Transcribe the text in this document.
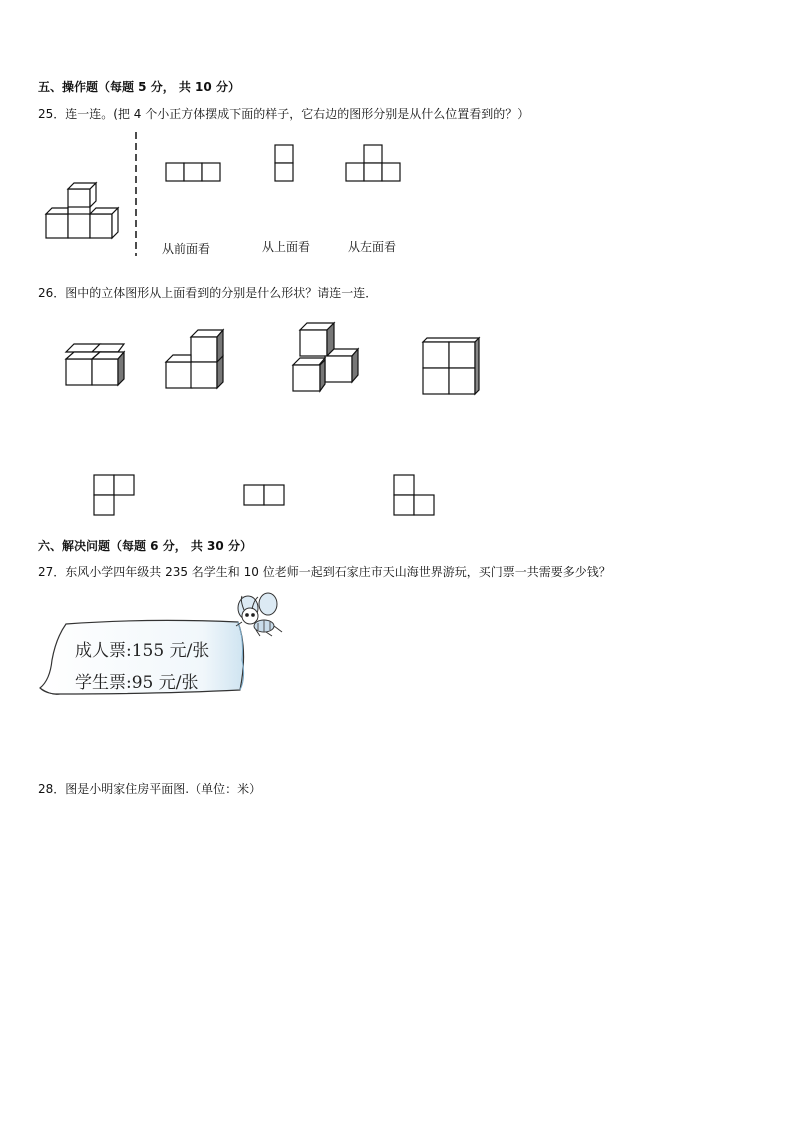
五、操作题（每题 5 分， 共 10 分）
25．连一连。(把 4 个小正方体摆成下面的样子，它右边的图形分别是从什么位置看到的？）
从前面看	从上面看	从左面看
26．图中的立体图形从上面看到的分别是什么形状？请连一连．
六、解决问题（每题 6 分， 共 30 分）
27．东风小学四年级共 235 名学生和 10 位老师一起到石家庄市天山海世界游玩，买门票一共需要多少钱？
成人票:155 元/张
学生票:95 元/张
28．图是小明家住房平面图.（单位：米）
